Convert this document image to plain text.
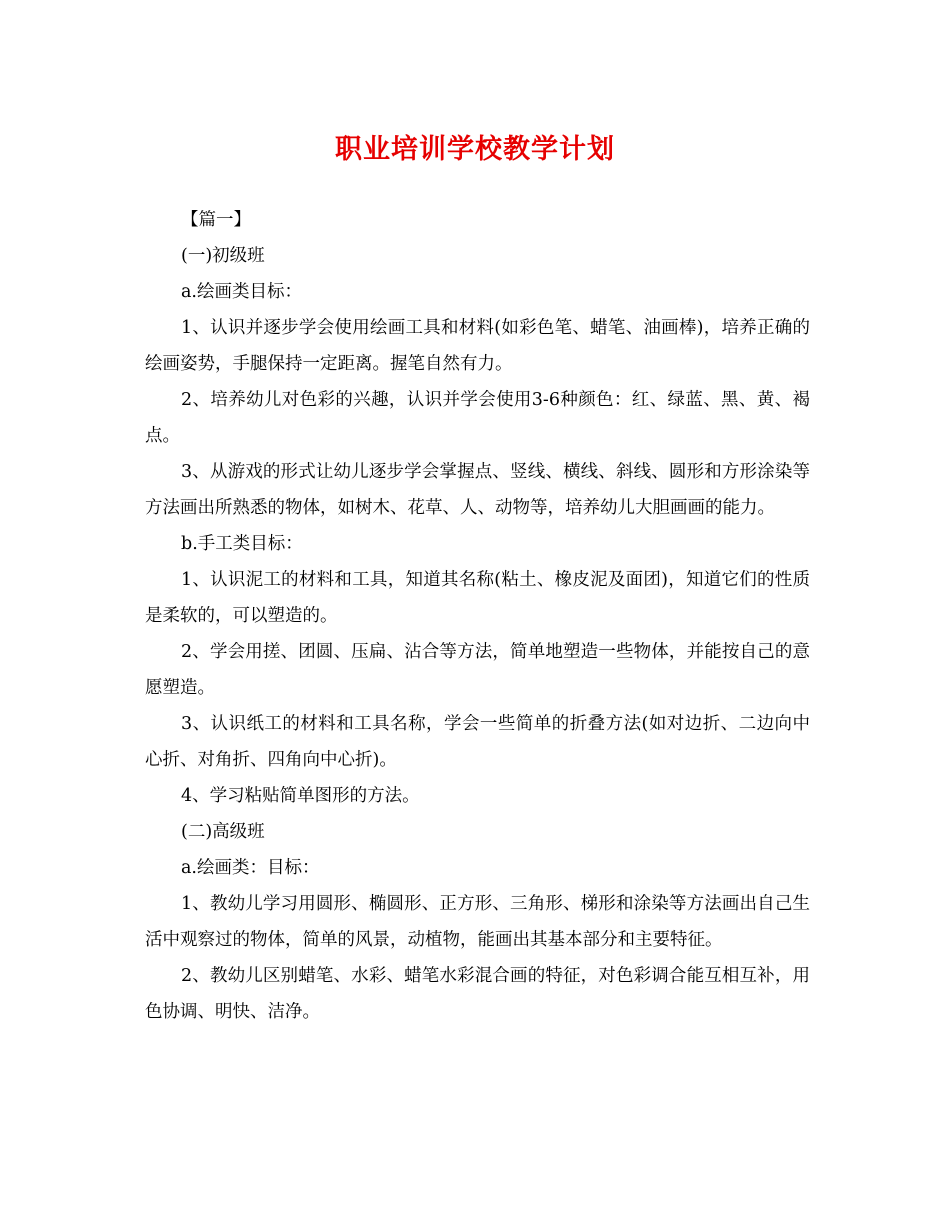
职业培训学校教学计划

【篇一】

(一)初级班

a.绘画类目标：

1、认识并逐步学会使用绘画工具和材料(如彩色笔、蜡笔、油画棒)，培养正确的绘画姿势，手腿保持一定距离。握笔自然有力。

2、培养幼儿对色彩的兴趣，认识并学会使用3-6种颜色：红、绿蓝、黑、黄、褐点。

3、从游戏的形式让幼儿逐步学会掌握点、竖线、横线、斜线、圆形和方形涂染等方法画出所熟悉的物体，如树木、花草、人、动物等，培养幼儿大胆画画的能力。

b.手工类目标：

1、认识泥工的材料和工具，知道其名称(粘土、橡皮泥及面团)，知道它们的性质是柔软的，可以塑造的。

2、学会用搓、团圆、压扁、沾合等方法，简单地塑造一些物体，并能按自己的意愿塑造。

3、认识纸工的材料和工具名称，学会一些简单的折叠方法(如对边折、二边向中心折、对角折、四角向中心折)。

4、学习粘贴简单图形的方法。

(二)高级班

a.绘画类：目标：

1、教幼儿学习用圆形、椭圆形、正方形、三角形、梯形和涂染等方法画出自己生活中观察过的物体，简单的风景，动植物，能画出其基本部分和主要特征。

2、教幼儿区别蜡笔、水彩、蜡笔水彩混合画的特征，对色彩调合能互相互补，用色协调、明快、洁净。
